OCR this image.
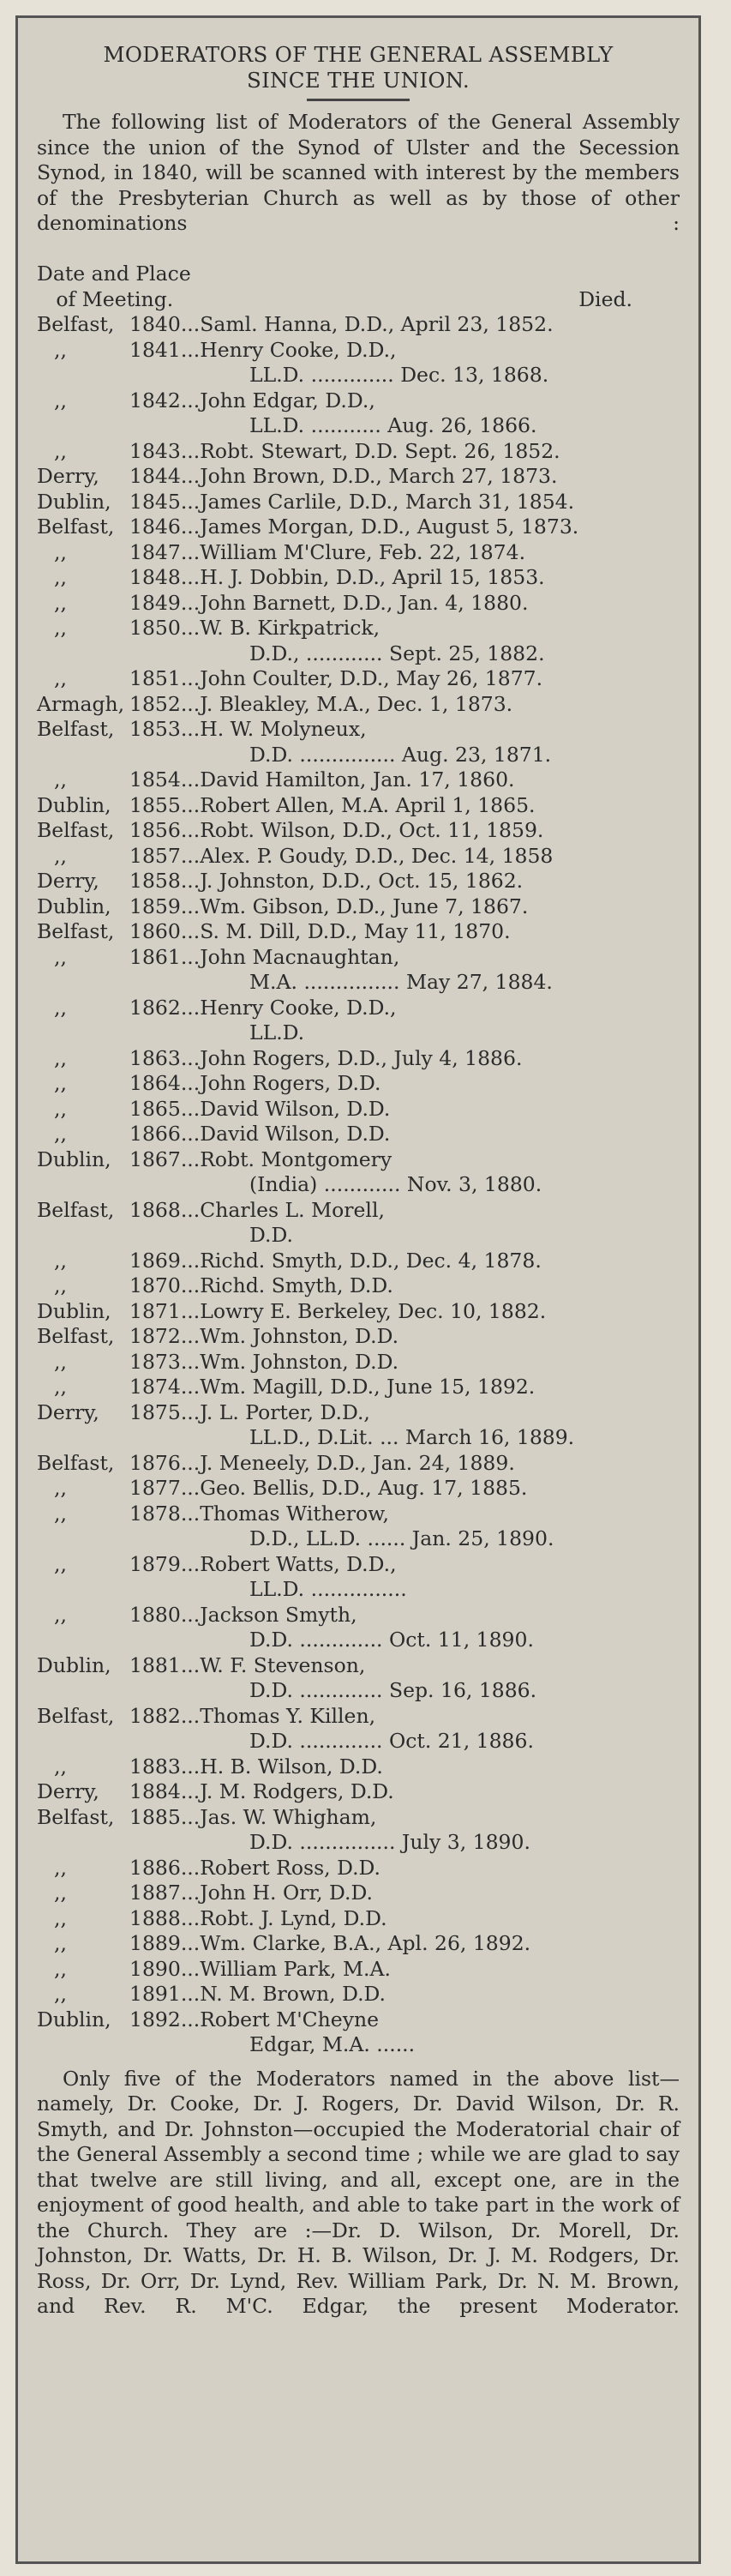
MODERATORS OF THE GENERAL ASSEMBLY
SINCE THE UNION.
The following list of Moderators of the General Assembly since the union of the Synod of Ulster and the Secession Synod, in 1840, will be scanned with interest by the members of the Presbyterian Church as well as by those of other denominations :
Date and Place
of Meeting.	Died.
Belfast, 1840 ...Saml. Hanna, D.D., April 23, 1852.
,,	1841 ...Henry Cooke, D.D.,
LL.D. ............. Dec. 13, 1868.
,,	1842 ...John Edgar, D.D.,
LL.D. ........... Aug. 26, 1866.
,,	1843 ...Robt. Stewart, D.D. Sept. 26, 1852.
Derry,	1844 ...John Brown, D.D., March 27, 1873.
Dublin, 1845 ...James Carlile, D.D., March 31, 1854.
Belfast, 1846 ...James Morgan, D.D., August 5, 1873.
,,	1847 ...William M'Clure, Feb. 22, 1874.
,,	1848 ...H. J. Dobbin, D.D., April 15, 1853.
,,	1849 ...John Barnett, D.D., Jan. 4, 1880.
,,	1850 ...W. B. Kirkpatrick,
D.D., ............ Sept. 25, 1882.
,,	1851 ...John Coulter, D.D., May 26, 1877.
Armagh, 1852 ...J. Bleakley, M.A., Dec. 1, 1873.
Belfast, 1853 ...H. W. Molyneux,
D.D. ............... Aug. 23, 1871.
,,	1854 ...David Hamilton, Jan. 17, 1860.
Dublin, 1855 ...Robert Allen, M.A. April 1, 1865.
Belfast, 1856 ...Robt. Wilson, D.D., Oct. 11, 1859.
,,	1857 ...Alex. P. Goudy, D.D., Dec. 14, 1858
Derry,	1858 ...J. Johnston, D.D., Oct. 15, 1862.
Dublin, 1859 ...Wm. Gibson, D.D., June 7, 1867.
Belfast, 1860 ...S. M. Dill, D.D., May 11, 1870.
,,	1861 ...John Macnaughtan,
M.A. ............... May 27, 1884.
,,	1862 ...Henry Cooke, D.D.,
LL.D.
,,	1863 ...John Rogers, D.D., July 4, 1886.
,,	1864 ...John Rogers, D.D.
,,	1865 ...David Wilson, D.D.
,,	1866 ...David Wilson, D.D.
Dublin, 1867 ...Robt. Montgomery
(India) ............ Nov. 3, 1880.
Belfast, 1868 ...Charles L. Morell,
D.D.
,,	1869 ...Richd. Smyth, D.D., Dec. 4, 1878.
,,	1870 ...Richd. Smyth, D.D.
Dublin, 1871 ...Lowry E. Berkeley, Dec. 10, 1882.
Belfast, 1872 ...Wm. Johnston, D.D.
,,	1873 ...Wm. Johnston, D.D.
,,	1874 ...Wm. Magill, D.D., June 15, 1892.
Derry,	1875 ...J. L. Porter, D.D.,
LL.D., D.Lit. ... March 16, 1889.
Belfast, 1876 ...J. Meneely, D.D., Jan. 24, 1889.
,,	1877 ...Geo. Bellis, D.D., Aug. 17, 1885.
,,	1878 ...Thomas Witherow,
D.D., LL.D. ...... Jan. 25, 1890.
,,	1879 ...Robert Watts, D.D.,
LL.D. ...............
,,	1880 ...Jackson Smyth,
D.D. ............. Oct. 11, 1890.
Dublin, 1881 ...W. F. Stevenson,
D.D. ............. Sep. 16, 1886.
Belfast, 1882 ...Thomas Y. Killen,
D.D. ............. Oct. 21, 1886.
,,	1883 ...H. B. Wilson, D.D.
Derry,	1884 ...J. M. Rodgers, D.D.
Belfast, 1885 ...Jas. W. Whigham,
D.D. ............... July 3, 1890.
,,	1886 ...Robert Ross, D.D.
,,	1887 ...John H. Orr, D.D.
,,	1888 ...Robt. J. Lynd, D.D.
,,	1889 ...Wm. Clarke, B.A., Apl. 26, 1892.
,,	1890 ...William Park, M.A.
,,	1891 ...N. M. Brown, D.D.
Dublin, 1892 ...Robert M'Cheyne
Edgar, M.A. ......
Only five of the Moderators named in the above list—namely, Dr. Cooke, Dr. J. Rogers, Dr. David Wilson, Dr. R. Smyth, and Dr. Johnston—occupied the Moderatorial chair of the General Assembly a second time ; while we are glad to say that twelve are still living, and all, except one, are in the enjoyment of good health, and able to take part in the work of the Church. They are :—Dr. D. Wilson, Dr. Morell, Dr. Johnston, Dr. Watts, Dr. H. B. Wilson, Dr. J. M. Rodgers, Dr. Ross, Dr. Orr, Dr. Lynd, Rev. William Park, Dr. N. M. Brown, and Rev. R. M'C. Edgar, the present Moderator.
